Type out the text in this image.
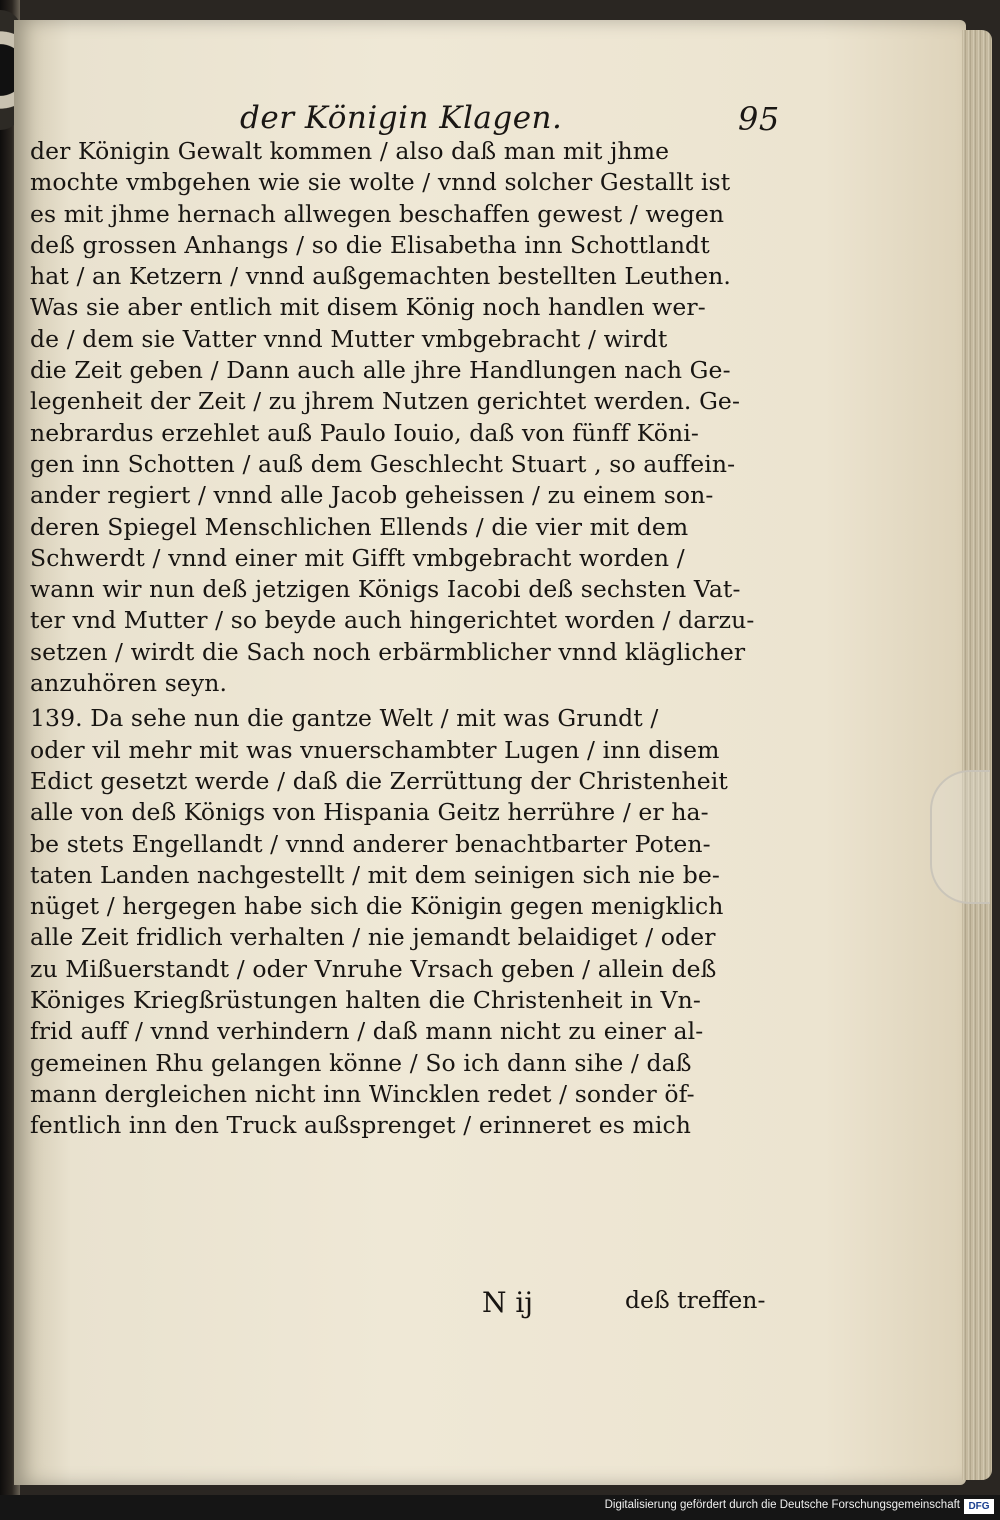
der Königin Klagen.	95
der Königin Gewalt kommen / also daß man mit jhme
mochte vmbgehen wie sie wolte / vnnd solcher Gestallt ist
es mit jhme hernach allwegen beschaffen gewest / wegen
deß grossen Anhangs / so die Elisabetha inn Schottlandt
hat / an Ketzern / vnnd außgemachten bestellten Leuthen.
Was sie aber entlich mit disem König noch handlen wer-
de / dem sie Vatter vnnd Mutter vmbgebracht / wirdt
die Zeit geben / Dann auch alle jhre Handlungen nach Ge-
legenheit der Zeit / zu jhrem Nutzen gerichtet werden. Ge-
nebrardus erzehlet auß Paulo Iouio, daß von fünff Köni-
gen inn Schotten / auß dem Geschlecht Stuart , so auffein-
ander regiert / vnnd alle Jacob geheissen / zu einem son-
deren Spiegel Menschlichen Ellends / die vier mit dem
Schwerdt / vnnd einer mit Gifft vmbgebracht worden /
wann wir nun deß jetzigen Königs Iacobi deß sechsten Vat-
ter vnd Mutter / so beyde auch hingerichtet worden / darzu-
setzen / wirdt die Sach noch erbärmblicher vnnd kläglicher
anzuhören seyn.
139. Da sehe nun die gantze Welt / mit was Grundt /
oder vil mehr mit was vnuerschambter Lugen / inn disem
Edict gesetzt werde / daß die Zerrüttung der Christenheit
alle von deß Königs von Hispania Geitz herrühre / er ha-
be stets Engellandt / vnnd anderer benachtbarter Poten-
taten Landen nachgestellt / mit dem seinigen sich nie be-
nüget / hergegen habe sich die Königin gegen menigklich
alle Zeit fridlich verhalten / nie jemandt belaidiget / oder
zu Mißuerstandt / oder Vnruhe Vrsach geben / allein deß
Königes Kriegßrüstungen halten die Christenheit in Vn-
frid auff / vnnd verhindern / daß mann nicht zu einer al-
gemeinen Rhu gelangen könne / So ich dann sihe / daß
mann dergleichen nicht inn Wincklen redet / sonder öf-
fentlich inn den Truck außsprenget / erinneret es mich
N ij	deß treffen-
Digitalisierung gefördert durch die Deutsche Forschungsgemeinschaft DFG
